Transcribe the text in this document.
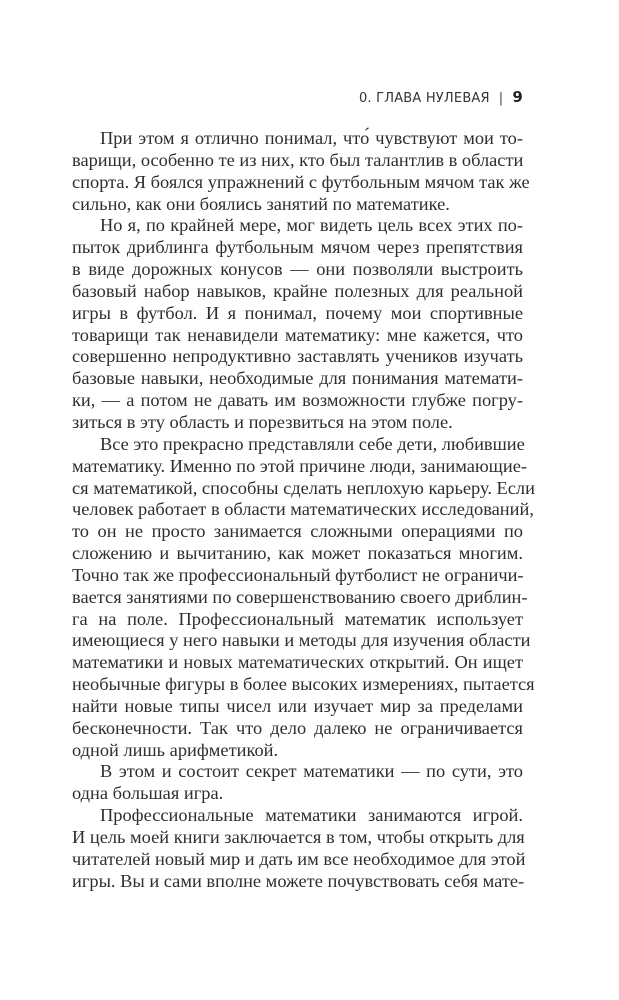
0. ГЛАВА НУЛЕВАЯ | 9
При этом я отлично понимал, что́ чувствуют мои то-
варищи, особенно те из них, кто был талантлив в области
спорта. Я боялся упражнений с футбольным мячом так же
сильно, как они боялись занятий по математике.
Но я, по крайней мере, мог видеть цель всех этих по-
пыток дриблинга футбольным мячом через препятствия
в виде дорожных конусов — они позволяли выстроить
базовый набор навыков, крайне полезных для реальной
игры в футбол. И я понимал, почему мои спортивные
товарищи так ненавидели математику: мне кажется, что
совершенно непродуктивно заставлять учеников изучать
базовые навыки, необходимые для понимания математи-
ки, — а потом не давать им возможности глубже погру-
зиться в эту область и порезвиться на этом поле.
Все это прекрасно представляли себе дети, любившие
математику. Именно по этой причине люди, занимающие-
ся математикой, способны сделать неплохую карьеру. Если
человек работает в области математических исследований,
то он не просто занимается сложными операциями по
сложению и вычитанию, как может показаться многим.
Точно так же профессиональный футболист не ограничи-
вается занятиями по совершенствованию своего дриблин-
га на поле. Профессиональный математик использует
имеющиеся у него навыки и методы для изучения области
математики и новых математических открытий. Он ищет
необычные фигуры в более высоких измерениях, пытается
найти новые типы чисел или изучает мир за пределами
бесконечности. Так что дело далеко не ограничивается
одной лишь арифметикой.
В этом и состоит секрет математики — по сути, это
одна большая игра.
Профессиональные математики занимаются игрой.
И цель моей книги заключается в том, чтобы открыть для
читателей новый мир и дать им все необходимое для этой
игры. Вы и сами вполне можете почувствовать себя мате-
